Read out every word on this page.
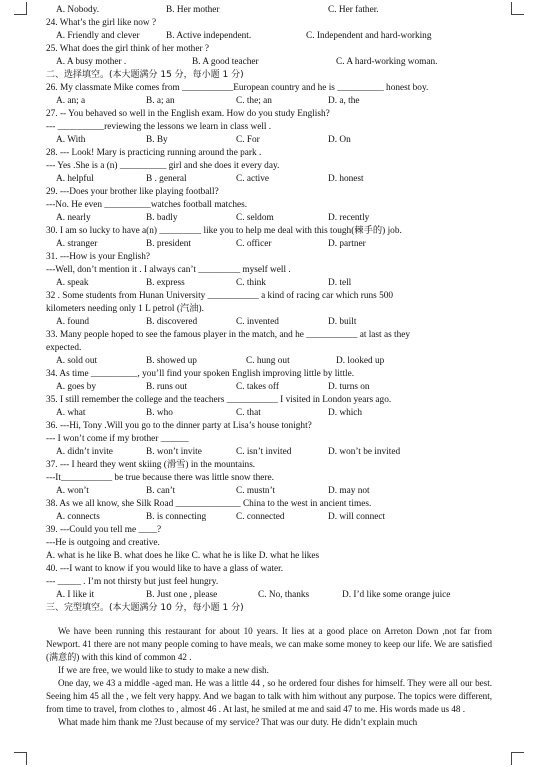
A. Nobody.	B. Her mother	C. Her father.
24. What’s the girl like now ?
A. Friendly and clever	B. Active independent.	C. Independent and hard-working
25. What does the girl think of her mother ?
A. A busy mother .	B. A good teacher	C. A hard-working woman.
二、选择填空。(本大题满分 15 分，每小题 1 分)
26. My classmate Mike comes from ___________European country and he is __________ honest boy.
A. an; a	B. a; an	C. the; an	D. a, the
27. -- You behaved so well in the English exam. How do you study English?
--- __________reviewing the lessons we learn in class well .
A. With	B. By	C. For	D. On
28. --- Look! Mary is practicing running around the park .
--- Yes .She is a (n) __________ girl and she does it every day.
A. helpful	B . general	C. active	D. honest
29. ---Does your brother like playing football?
---No. He even __________watches football matches.
A. nearly	B. badly	C. seldom	D. recently
30. I am so lucky to have a(n) _________ like you to help me deal with this tough(棘手的) job.
A. stranger	B. president	C. officer	D. partner
31. ---How is your English?
---Well, don’t mention it . I always can’t _________ myself well .
A. speak	B. express	C. think	D. tell
32 . Some students from Hunan University ___________ a kind of racing car which runs 500
kilometers needing only 1 L petrol (汽油).
A. found	B. discovered	C. invented	D. built
33. Many people hoped to see the famous player in the match, and he ___________ at last as they
expected.
A. sold out	B. showed up	C. hung out	D. looked up
34. As time __________, you’ll find your spoken English improving little by little.
A. goes by	B. runs out	C. takes off	D. turns on
35. I still remember the college and the teachers ___________ I visited in London years ago.
A. what	B. who	C. that	D. which
36. ---Hi, Tony .Will you go to the dinner party at Lisa’s house tonight?
--- I won’t come if my brother ______
A. didn’t invite	B. won’t invite	C. isn’t invited	D. won’t be invited
37. --- I heard they went skiing (滑雪) in the mountains.
---It___________ be true because there was little snow there.
A. won’t	B. can’t	C. mustn’t	D. may not
38. As we all know, she Silk Road ______________ China to the west in ancient times.
A. connects	B. is connecting	C. connected	D. will connect
39. ---Could you tell me ____?
---He is outgoing and creative.
A. what is he like B. what does he like C. what he is like D. what he likes
40. ---I want to know if you would like to have a glass of water.
--- _____ . I’m not thirsty but just feel hungry.
A. I like it	B. Just one , please	C. No, thanks	D. I’d like some orange juice
三、完型填空。(本大题满分 10 分，每小题 1 分)

We have been running this restaurant for about 10 years. It lies at a good place on Arreton Down ,not far from Newport. 41 there are not many people coming to have meals, we can make some money to keep our life. We are satisfied (满意的) with this kind of common 42 .

If we are free, we would like to study to make a new dish.

One day, we 43 a middle -aged man. He was a little 44 , so he ordered four dishes for himself. They were all our best. Seeing him 45 all the , we felt very happy. And we bagan to talk with him without any purpose. The topics were different, from time to travel, from clothes to , almost 46 . At last, he smiled at me and said 47 to me. His words made us 48 .

What made him thank me ?Just because of my service? That was our duty. He didn’t explain much
